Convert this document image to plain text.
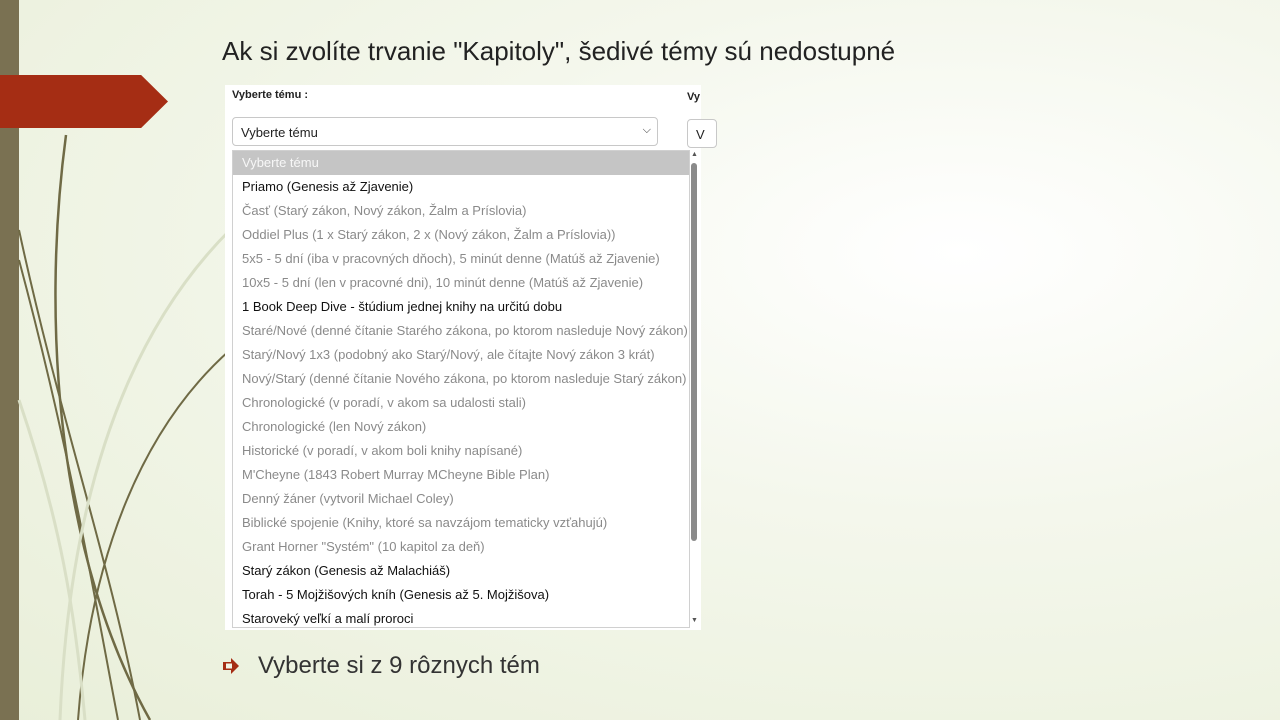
Ak si zvolíte trvanie "Kapitoly", šedivé témy sú nedostupné
Vyberte tému :	Vy
Vyberte tému	⌵	V
Vyberte tému
Priamo (Genesis až Zjavenie)
Časť (Starý zákon, Nový zákon, Žalm a Príslovia)
Oddiel Plus (1 x Starý zákon, 2 x (Nový zákon, Žalm a Príslovia))
5x5 - 5 dní (iba v pracovných dňoch), 5 minút denne (Matúš až Zjavenie)
10x5 - 5 dní (len v pracovné dni), 10 minút denne (Matúš až Zjavenie)
1 Book Deep Dive - štúdium jednej knihy na určitú dobu
Staré/Nové (denné čítanie Starého zákona, po ktorom nasleduje Nový zákon)
Starý/Nový 1x3 (podobný ako Starý/Nový, ale čítajte Nový zákon 3 krát)
Nový/Starý (denné čítanie Nového zákona, po ktorom nasleduje Starý zákon)
Chronologické (v poradí, v akom sa udalosti stali)
Chronologické (len Nový zákon)
Historické (v poradí, v akom boli knihy napísané)
M'Cheyne (1843 Robert Murray MCheyne Bible Plan)
Denný žáner (vytvoril Michael Coley)
Biblické spojenie (Knihy, ktoré sa navzájom tematicky vzťahujú)
Grant Horner "Systém" (10 kapitol za deň)
Starý zákon (Genesis až Malachiáš)
Torah - 5 Mojžišových kníh (Genesis až 5. Mojžišova)
Staroveký veľkí a malí proroci
▲
▼
Vyberte si z 9 rôznych tém
